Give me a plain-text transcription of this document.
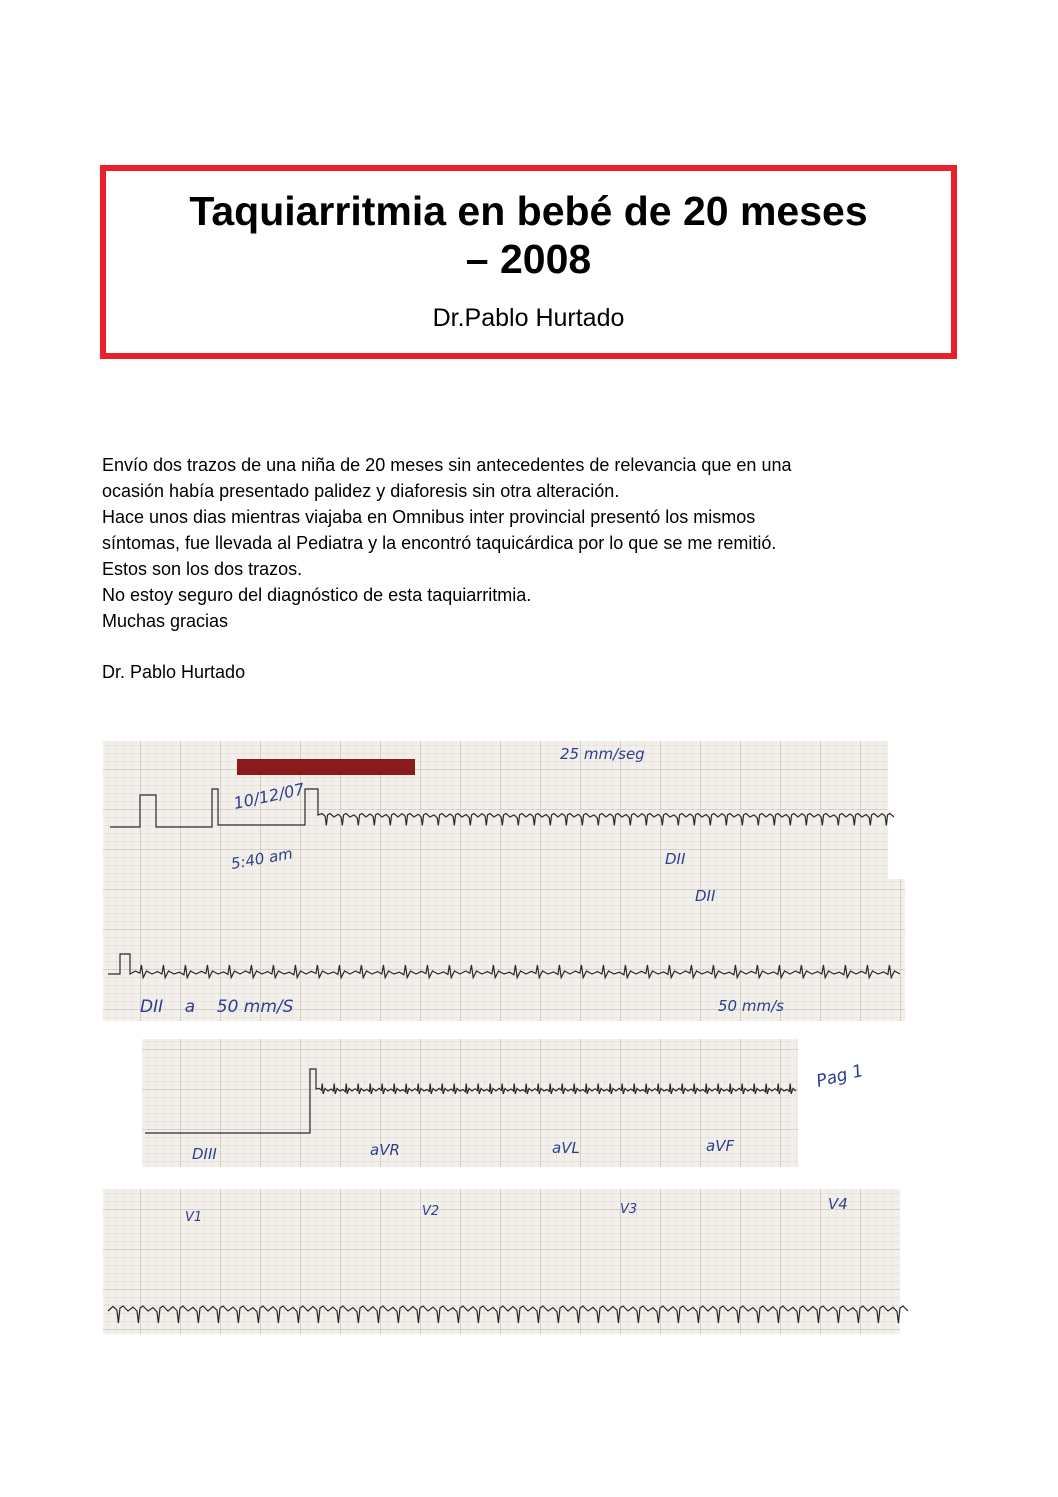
Taquiarritmia en bebé de 20 meses
– 2008
Dr.Pablo Hurtado

Envío dos trazos de una niña de 20 meses sin antecedentes de relevancia que en una

ocasión había presentado palidez y diaforesis sin otra alteración.

Hace unos dias mientras viajaba en Omnibus inter provincial presentó los mismos

síntomas, fue llevada al Pediatra y la encontró taquicárdica por lo que se me remitió.

Estos son los dos trazos.

No estoy seguro del diagnóstico de esta taquiarritmia.

Muchas gracias

Dr. Pablo Hurtado
25 mm/seg
10/12/07
5:40 am	DII
DII
DII    a    50 mm/S	50 mm/s
DIII	aVR	aVL	aVF
Pag 1
V1	V2	V3	V4
